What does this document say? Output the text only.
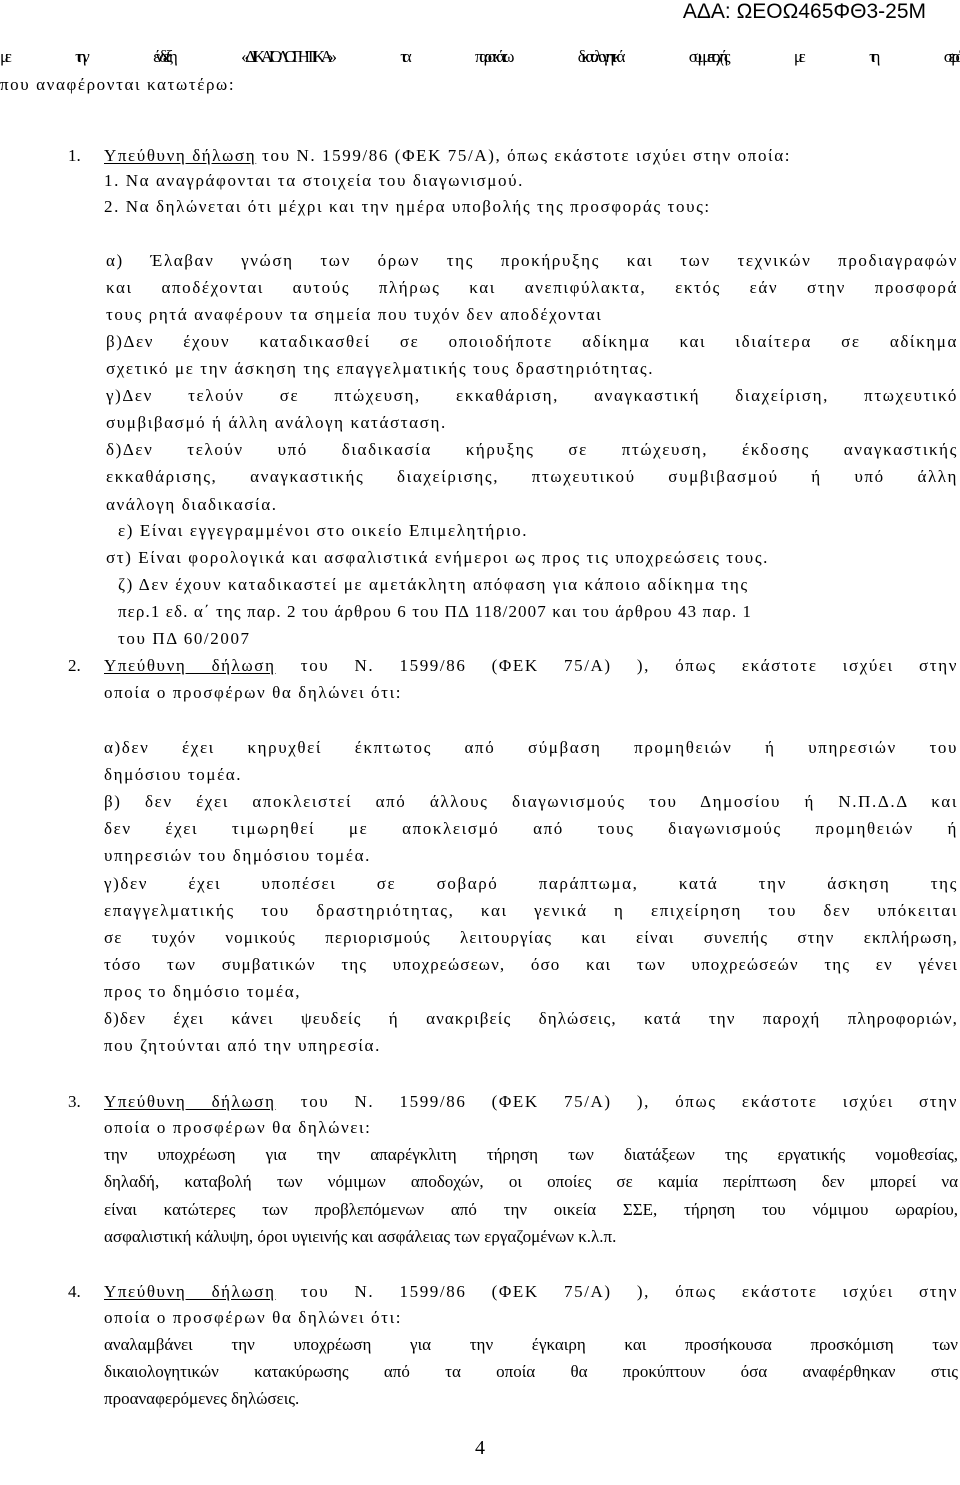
ΑΔΑ: ΩΕΟΩ465ΦΘ3-25Μ
με την ένδειξη «ΔΙΚΑΙΟΛΟΓΗΤΙΚΑ» τα παρακάτω δικαιολογητικά συμμετοχής με τη σειρά
που αναφέρονται κατωτέρω:
1. Υπεύθυνη δήλωση του Ν. 1599/86 (ΦΕΚ 75/Α), όπως εκάστοτε ισχύει στην οποία:
1. Να αναγράφονται τα στοιχεία του διαγωνισμού.
2. Να δηλώνεται ότι μέχρι και την ημέρα υποβολής της προσφοράς τους:
α) Έλαβαν γνώση των όρων της προκήρυξης και των τεχνικών προδιαγραφών
και αποδέχονται αυτούς πλήρως και ανεπιφύλακτα, εκτός εάν στην προσφορά
τους ρητά αναφέρουν τα σημεία που τυχόν δεν αποδέχονται
β)Δεν έχουν καταδικασθεί σε οποιοδήποτε αδίκημα και ιδιαίτερα σε αδίκημα
σχετικό με την άσκηση της επαγγελματικής τους δραστηριότητας.
γ)Δεν τελούν σε πτώχευση, εκκαθάριση, αναγκαστική διαχείριση, πτωχευτικό
συμβιβασμό ή άλλη ανάλογη κατάσταση.
δ)Δεν τελούν υπό διαδικασία κήρυξης σε πτώχευση, έκδοσης αναγκαστικής
εκκαθάρισης, αναγκαστικής διαχείρισης, πτωχευτικού συμβιβασμού ή υπό άλλη
ανάλογη διαδικασία.
ε) Είναι εγγεγραμμένοι στο οικείο Επιμελητήριο.
στ) Είναι φορολογικά και ασφαλιστικά ενήμεροι ως προς τις υποχρεώσεις τους.
ζ) Δεν έχουν καταδικαστεί με αμετάκλητη απόφαση για κάποιο αδίκημα της
περ.1 εδ. α΄ της παρ. 2 του άρθρου 6 του ΠΔ 118/2007 και του άρθρου 43 παρ. 1
του ΠΔ 60/2007
2. Υπεύθυνη δήλωση του Ν. 1599/86 (ΦΕΚ 75/Α) ), όπως εκάστοτε ισχύει στην
οποία ο προσφέρων θα δηλώνει ότι:
α)δεν έχει κηρυχθεί έκπτωτος από σύμβαση προμηθειών ή υπηρεσιών του
δημόσιου τομέα.
β) δεν έχει αποκλειστεί από άλλους διαγωνισμούς του Δημοσίου ή Ν.Π.Δ.Δ και
δεν έχει τιμωρηθεί με αποκλεισμό από τους διαγωνισμούς προμηθειών ή
υπηρεσιών του δημόσιου τομέα.
γ)δεν έχει υποπέσει σε σοβαρό παράπτωμα, κατά την άσκηση της
επαγγελματικής του δραστηριότητας, και γενικά η επιχείρηση του δεν υπόκειται
σε τυχόν νομικούς περιορισμούς λειτουργίας και είναι συνεπής στην εκπλήρωση,
τόσο των συμβατικών της υποχρεώσεων, όσο και των υποχρεώσεών της εν γένει
προς το δημόσιο τομέα,
δ)δεν έχει κάνει ψευδείς ή ανακριβείς δηλώσεις, κατά την παροχή πληροφοριών,
που ζητούνται από την υπηρεσία.
3. Υπεύθυνη δήλωση του Ν. 1599/86 (ΦΕΚ 75/Α) ), όπως εκάστοτε ισχύει στην
οποία ο προσφέρων θα δηλώνει:
την υποχρέωση για την απαρέγκλιτη τήρηση των διατάξεων της εργατικής νομοθεσίας,
δηλαδή, καταβολή των νόμιμων αποδοχών, οι οποίες σε καμία περίπτωση δεν μπορεί να
είναι κατώτερες των προβλεπόμενων από την οικεία ΣΣΕ, τήρηση του νόμιμου ωραρίου,
ασφαλιστική κάλυψη, όροι υγιεινής και ασφάλειας των εργαζομένων κ.λ.π.
4. Υπεύθυνη δήλωση του Ν. 1599/86 (ΦΕΚ 75/Α) ), όπως εκάστοτε ισχύει στην
οποία ο προσφέρων θα δηλώνει ότι:
αναλαμβάνει την υποχρέωση για την έγκαιρη και προσήκουσα προσκόμιση των
δικαιολογητικών κατακύρωσης από τα οποία θα προκύπτουν όσα αναφέρθηκαν στις
προαναφερόμενες δηλώσεις.
4
